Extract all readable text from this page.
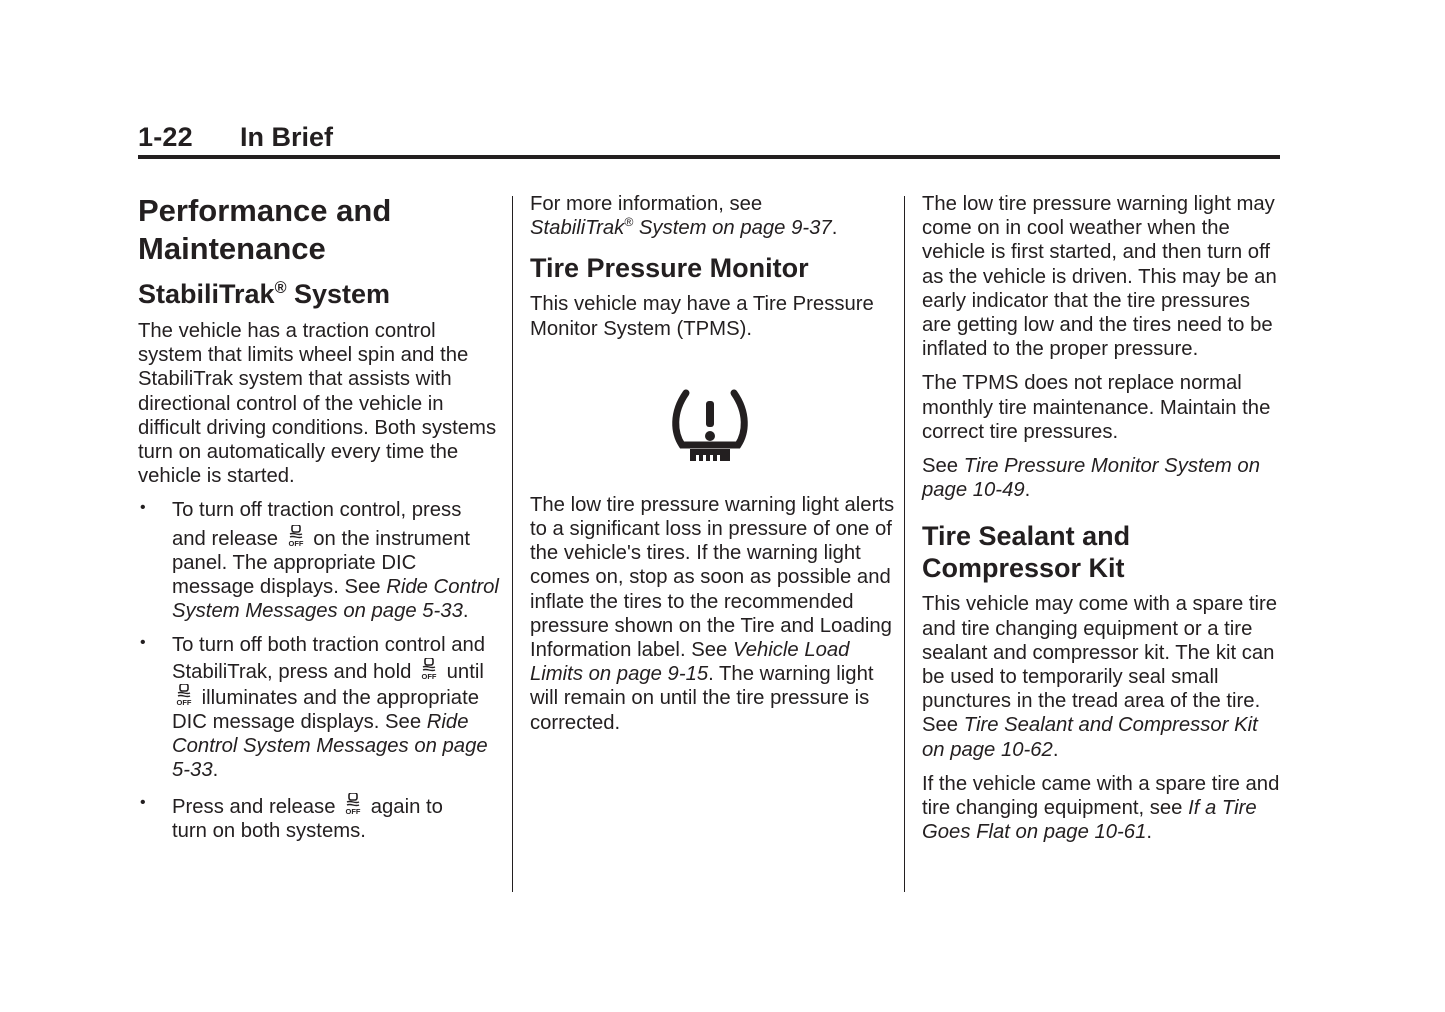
1-22 In Brief
Performance and
Maintenance
StabiliTrak® System

The vehicle has a traction control system that limits wheel spin and the StabiliTrak system that assists with directional control of the vehicle in difficult driving conditions. Both systems turn on automatically every time the vehicle is started.

• To turn off traction control, press
and release OFF on the instrument panel. The appropriate DIC message displays. See Ride Control System Messages on page 5-33.
• To turn off both traction control and StabiliTrak, press and hold OFF until
OFF illuminates and the appropriate DIC message displays. See Ride Control System Messages on page 5-33.
• Press and release OFF again to
turn on both systems.

For more information, see
StabiliTrak® System on page 9-37.

Tire Pressure Monitor

This vehicle may have a Tire Pressure Monitor System (TPMS).

The low tire pressure warning light alerts to a significant loss in pressure of one of the vehicle's tires. If the warning light comes on, stop as soon as possible and inflate the tires to the recommended pressure shown on the Tire and Loading Information label. See Vehicle Load Limits on page 9-15. The warning light will remain on until the tire pressure is corrected.

The low tire pressure warning light may come on in cool weather when the vehicle is first started, and then turn off as the vehicle is driven. This may be an early indicator that the tire pressures are getting low and the tires need to be inflated to the proper pressure.

The TPMS does not replace normal monthly tire maintenance. Maintain the correct tire pressures.

See Tire Pressure Monitor System on page 10-49.

Tire Sealant and Compressor Kit

This vehicle may come with a spare tire and tire changing equipment or a tire sealant and compressor kit. The kit can be used to temporarily seal small punctures in the tread area of the tire. See Tire Sealant and Compressor Kit on page 10-62.

If the vehicle came with a spare tire and tire changing equipment, see If a Tire Goes Flat on page 10-61.
